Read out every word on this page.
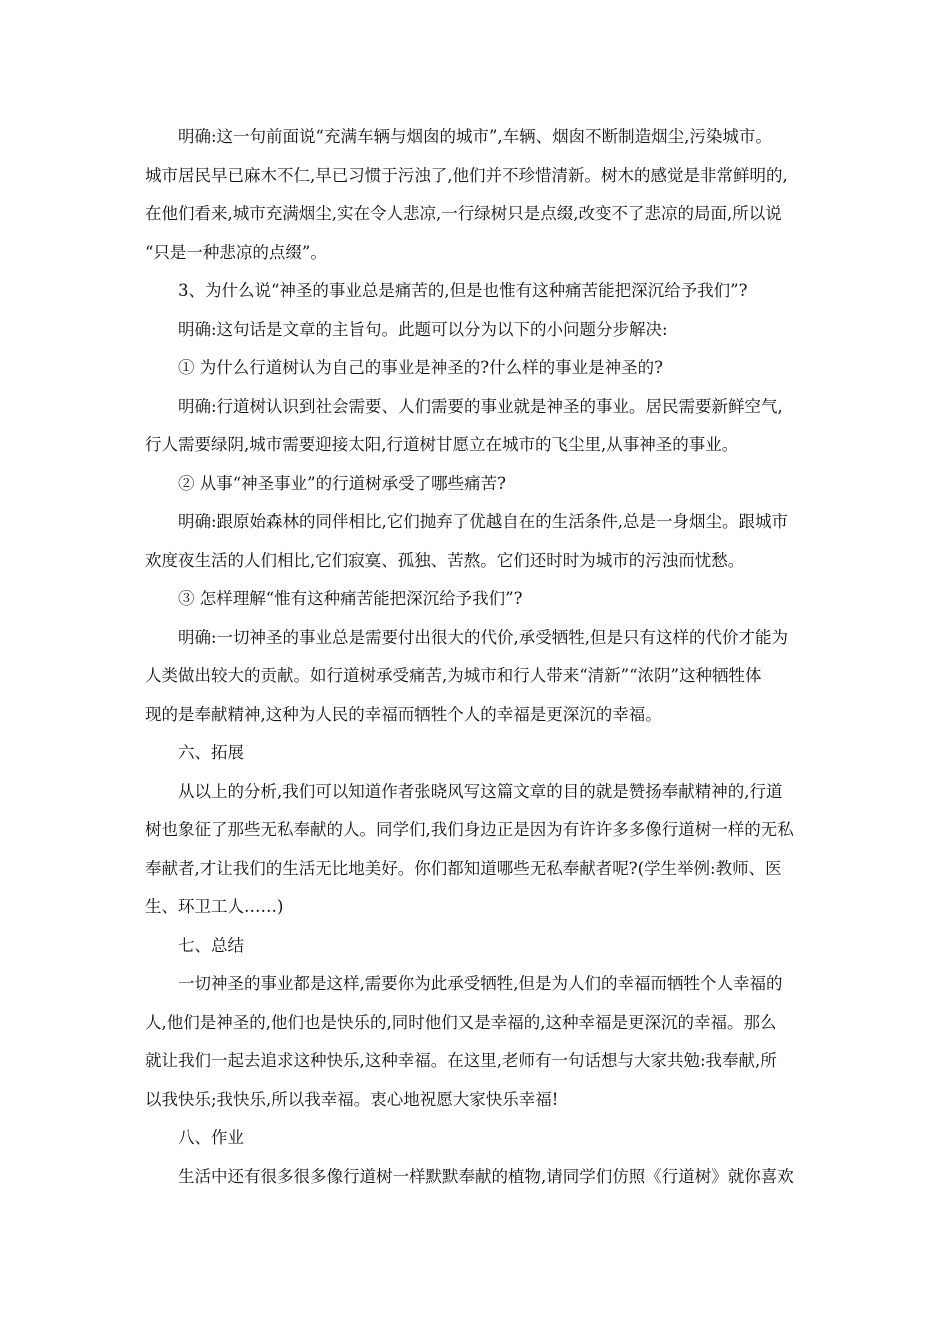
明确:这一句前面说“充满车辆与烟囱的城市”,车辆、烟囱不断制造烟尘,污染城市。
城市居民早已麻木不仁,早已习惯于污浊了,他们并不珍惜清新。树木的感觉是非常鲜明的,
在他们看来,城市充满烟尘,实在令人悲凉,一行绿树只是点缀,改变不了悲凉的局面,所以说
“只是一种悲凉的点缀”。
3、为什么说“神圣的事业总是痛苦的,但是也惟有这种痛苦能把深沉给予我们”?
明确:这句话是文章的主旨句。此题可以分为以下的小问题分步解决:
① 为什么行道树认为自己的事业是神圣的?什么样的事业是神圣的?
明确:行道树认识到社会需要、人们需要的事业就是神圣的事业。居民需要新鲜空气,
行人需要绿阴,城市需要迎接太阳,行道树甘愿立在城市的飞尘里,从事神圣的事业。
② 从事“神圣事业”的行道树承受了哪些痛苦?
明确:跟原始森林的同伴相比,它们抛弃了优越自在的生活条件,总是一身烟尘。跟城市
欢度夜生活的人们相比,它们寂寞、孤独、苦熬。它们还时时为城市的污浊而忧愁。
③ 怎样理解“惟有这种痛苦能把深沉给予我们”?
明确:一切神圣的事业总是需要付出很大的代价,承受牺牲,但是只有这样的代价才能为
人类做出较大的贡献。如行道树承受痛苦,为城市和行人带来“清新”“浓阴”这种牺牲体
现的是奉献精神,这种为人民的幸福而牺牲个人的幸福是更深沉的幸福。
六、拓展
从以上的分析,我们可以知道作者张晓风写这篇文章的目的就是赞扬奉献精神的,行道
树也象征了那些无私奉献的人。同学们,我们身边正是因为有许许多多像行道树一样的无私
奉献者,才让我们的生活无比地美好。你们都知道哪些无私奉献者呢?(学生举例:教师、医
生、环卫工人……)
七、总结
一切神圣的事业都是这样,需要你为此承受牺牲,但是为人们的幸福而牺牲个人幸福的
人,他们是神圣的,他们也是快乐的,同时他们又是幸福的,这种幸福是更深沉的幸福。那么
就让我们一起去追求这种快乐,这种幸福。在这里,老师有一句话想与大家共勉:我奉献,所
以我快乐;我快乐,所以我幸福。衷心地祝愿大家快乐幸福!
八、作业
生活中还有很多很多像行道树一样默默奉献的植物,请同学们仿照《行道树》就你喜欢
